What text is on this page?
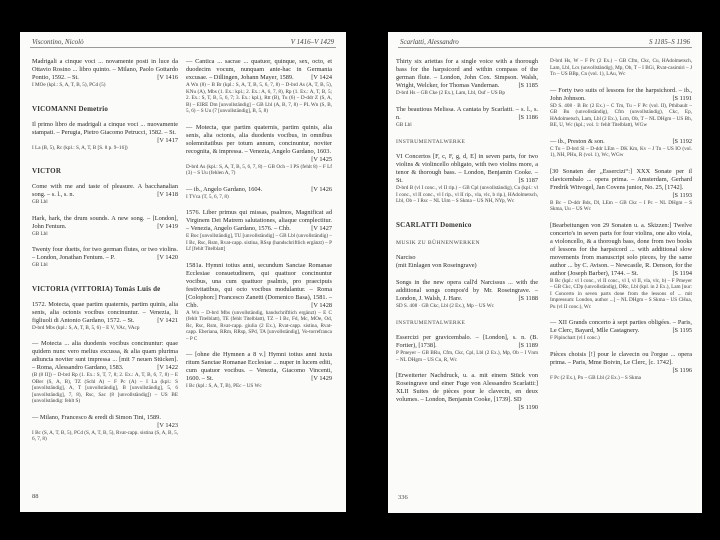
Viscontino, Nicolò	V 1416–V 1429
Madrigali a cinque voci ... novamente posti in luce da Ottavio Rosino ... libro quinto. – Milano, Paolo Gottardo Pontio, 1592. – St.	[V 1416
I MOe (kpl.: S, A, T, B, 5), PCd (5)
VICOMANNI Demetrio
Il primo libro de madrigali a cinque voci ... nuovamente stampati. – Perugia, Pietro Giacomo Petrucci, 1582. – St.
[V 1417
I La (B, 5), Rc (kpl.: S, A, T, B [S. 8 p. 9–16])
VICTOR
Come with me and taste of pleasure. A bacchanalian song. – s. l., s. n.	[V 1418
GB Lbl
Hark, hark, the drum sounds. A new song. – [London], John Fentum.	[V 1419
GB Lbl
Twenty four duetts, for two german flutes, or two violins. – London, Jonathan Fentum. – P.	[V 1420
GB Lbl
VICTORIA (VITTORIA) Tomás Luis de
1572. Motecta, quae partim quaternis, partim quinis, alia senis, alia octonis vocibus concinuntur. – Venezia, li figliuoli di Antonio Gardano, 1572. – St.	[V 1421
D-brd Mbs (kpl.: S, A, T, B, 5, 6) – E V, VAc, VAcp
— Motecta ... alia duodenis vocibus concinuntur: quae quidem nunc vero melius excussa, & alia quam plurima adiuncta noviter sunt impressa ... [mit 7 neuen Stücken]. – Roma, Alessandro Gardano, 1583.	[V 1422
(B (8 II]) – D-brd Rp (1. Ex.: S, T, 7, 8; 2. Ex.: A, T, B, 6, 7, 8) – E OBer (S, A, B), TZ (Schl A) – F Pc (A) – I La (kpl.: S [unvollständig], A, T [unvollständig], B [unvollständig], 5, 6 [unvollständig], 7, 8), Rsc, Sac (8 [unvollständig]) – US BE (unvollständig: fehlt S)
— Milano, Francesco & eredi di Simon Tini, 1589.
[V 1423
I Bc (S, A, T, B, 5), PCd (S, A, T, B, 5), Rvat-capp. sistina (S, A, B, 5, 6, 7, 8)
— Cantica ... sacrae ... quatuor, quinque, sex, octo, et duodecim vocum, nunquam ante-hac in Germania excusae. – Dillingen, Johann Mayer, 1589.	[V 1424
A Wn (8) – B Br (kpl.: S, A, T, B, 5, 6, 7, 8) – D-brd As (A, T, B, 5), KNu (A), Mbs (1. Ex.: kpl.; 2. Ex.: A, 6, 7, 8), Rp (1. Ex.: A, T, B, 5; 2. Ex.: S, T, B, 5, 6, 7; 3. Ex.: kpl.), Rtt (B), Tu (6) – D-ddr Z (S, A, B) – EIRE Dm [unvollständig] – GB Lbl (A, B, 7, 8) – PL Wn (S, B, 5, 6) – S Uu (7 [unvollständig], B, 5, 8)
— Motecta, que partim quaternis, partim quinis, alia senis, alia octonis, alia duodenis vocibus, in omnibus solemnitatibus per totum annum, concinuntur, noviter recognita, & impressa. – Venezia, Angelo Gardano, 1603.
[V 1425
D-brd As (kpl.: S, A, T, B, 5, 6, 7, 8) – GB Och – I PS (fehlt 8) – F Lf (3) – S Uu (fehlen A, 7)
— ib., Angelo Gardano, 1604.	[V 1426
I TVca (T, 5, 6, 7, 8)
1576. Liber primus qui missas, psalmos, Magnificat ad Virginem Dei Matrem salutationes, aliaque complectitur. – Venezia, Angelo Gardano, 1576. – Chb.	[V 1427
E Boc [unvollständig], TU [unvollständig] – GB Lbl (unvollständig) – I Bc, Rsc, Rsm, Rvat-capp. sistina, RSsp (handschriftlich ergänzt) – P Lf [fehlt Titelblatt]
1581a. Hymni totius anni, secundum Sanctae Romanae Ecclesiae consuetudinem, qui quattuor concinuntur vocibus, una cum quattuor psalmis, pro praecipuis festivitatibus, qui octo vocibus modulantur. – Roma [Colophon:] Francesco Zanetti (Domenico Basa), 1581. – Chb.	[V 1428
A Wn – D-brd Mbs (unvollständig, handschriftlich ergänzt) – E C (fehlt Titelblatt), TE (fehlt Titelblatt), TZ – I Bc, Fd, Mc, MOe, Od, Rc, Rsc, Rsm, Rvat-capp. giulia (2 Ex.), Rvat-capp. sistina, Rvat-capp. Eberiana, RRm, RRsp, SPd, TA [unvollständig], Vo-torrefranca – P C
— [ohne die Hymnen a 8 v.] Hymni totius anni iuxta ritum Sanctae Romanae Ecclesiae ... nuper in lucem editi, cum quatuor vocibus. – Venezia, Giacomo Vincenti, 1600. – St.	[V 1429
I Bc (kpl.: S, A, T, B), PEc – US Wc
88
Scarlatti, Alessandro	S 1185–S 1196
Thirty six ariettas for a single voice with a thorough bass for the harpsicord and within compass of the german flute. – London, John Cox. Simpson. Walsh, Wright, Welcker, for Thomas Vandernan.	[S 1185
D-brd Hs – GB Cke (2 Ex.), Lam, Lbl, Ouf – US Bp
The beautious Melissa. A cantata by Scarlatti. – s. l., s. n.	[S 1186
GB Lbl
INSTRUMENTALWERKE
VI Concertos [F, c, F, g, d, E] in seven parts, for two violins & violincello obligato, with two violins more, a tenor & thorough bass. – London, Benjamin Cooke. – St.	[S 1187
D-brd B (vl I conc., vl II rip.) – GB Cpl (unvollständig), Cu (kpl.: vl I conc., vl II conc., vl I rip., vl II rip., vla, vlc, b rip.), HAdolmetsch, Lbl, Ob – I Rsc – NL Uim – S Skma – US NH, NYp, Wc
SCARLATTI Domenico
MUSIK ZU BÜHNENWERKEN
Narciso
(mit Einlagen von Roseingrave)
Songs in the new opera call'd Narcissus ... with the additional songs compos'd by Mr. Roseingrave. – London, J. Walsh, J. Hare.	[S 1188
SD S. 408 · GB Ckc, Lbl (2 Ex.), Mp – US Wc
INSTRUMENTALWERKE
Essercizi per gravicembalo. – [London], s. n. (B. Fortier), [1738].	[S 1189
P Pmeyer – GB BRu, Cfm, Ckc, Cpl, Lbl (2 Ex.), Mp, Ob – I Vnm – NL DHgm – US Cu, R, Wc
[Erweiterter Nachdruck, u. a. mit einem Stück von Roseingrave und einer Fuge von Alessandro Scarlatti:] XLII Suites de pièces pour le clavecin, en deux volumes. – London, Benjamin Cooke, [1739]. SD
[S 1190
D-brd Hs, W – F Pc (2 Ex.) – GB Cfm, Ckc, Cu, HAdolmetsch, Lam, Lbl, Lcs (unvollständig), Mp, Ob, T – I BGi, Rvat-casimiri – J Tn – US BBp, Cn (vol. 1), LAu, Wc
— Forty two suits of lessons for the harpsichord. – ib., John Johnson.	[S 1191
SD S. 408 · B Bc (2 Ex.) – C Tm, Tu – F Pc (vol. II), Pthibault – GB Bu (unvollständig), Cfm (unvollständig), Ckc, Ep, HAdolmetsch, Lam, Lbl (2 Ex.), Lcm, Ob, T – NL DHgm – US Bh, BE, U, Wc (kpl.; vol. 1: fehlt Titelblatt), WGw
— ib., Preston & son.	[S 1192
C Tu – D-brd Sl – D-ddr LEm – DK Km, Kv – J Tn – US IO (vol. 1), NH, PHu, R (vol. 1), Wc, WGw
[30 Sonaten der „Essercizi“:] XXX Sonate per il clavicembalo ... opera prima. – Amsterdam, Gerhard Fredrik Witvogel, Jan Covens junior, No. 25, [1742].
[S 1193
B Bc – D-ddr Bds, Dl, LEm – GB Ckc – I Pc – NL DHgm – S Skma, Uu – US Wc
[Bearbeitungen von 29 Sonaten u. a. Skizzen:] Twelve concerto's in seven parts for four violins, one alto viola, a violoncello, & a thorough bass, done from two books of lessons for the harpsicord ... with additional slow movements from manuscript solo pieces, by the same author ... by C. Avison. – Newcastle, R. Denson, for the author (Joseph Barber), 1744. – St.	[S 1194
B Bc (kpl.: vl I conc., vl II conc., vl I, vl II, vla, vlc, b) – F Pmeyer – GB Ckc, CDp (unvollständig), DRc, Lbl (kpl. in 2 Ex.), Lam [nur: I Concerto in seven parts done from the lessons of ... mit Impressum: London, author ...] – NL DHgm – S Skma – US CHua, Pu (vl II conc.), Wc
— XII Grands concerto à sept parties obligées. – Paris, Le Clerc, Bayard, Mlle Castagnery.	[S 1195
F Pipinchart (vl I conc.)
Pièces choisis [!] pour le clavecin ou l'orgue ... opera prima. – Paris, Mme Boivin, Le Clerc, [c. 1742].
[S 1196
F Pc (2 Ex.), Pn – GB Lbl (2 Ex.) – S Skma
336
